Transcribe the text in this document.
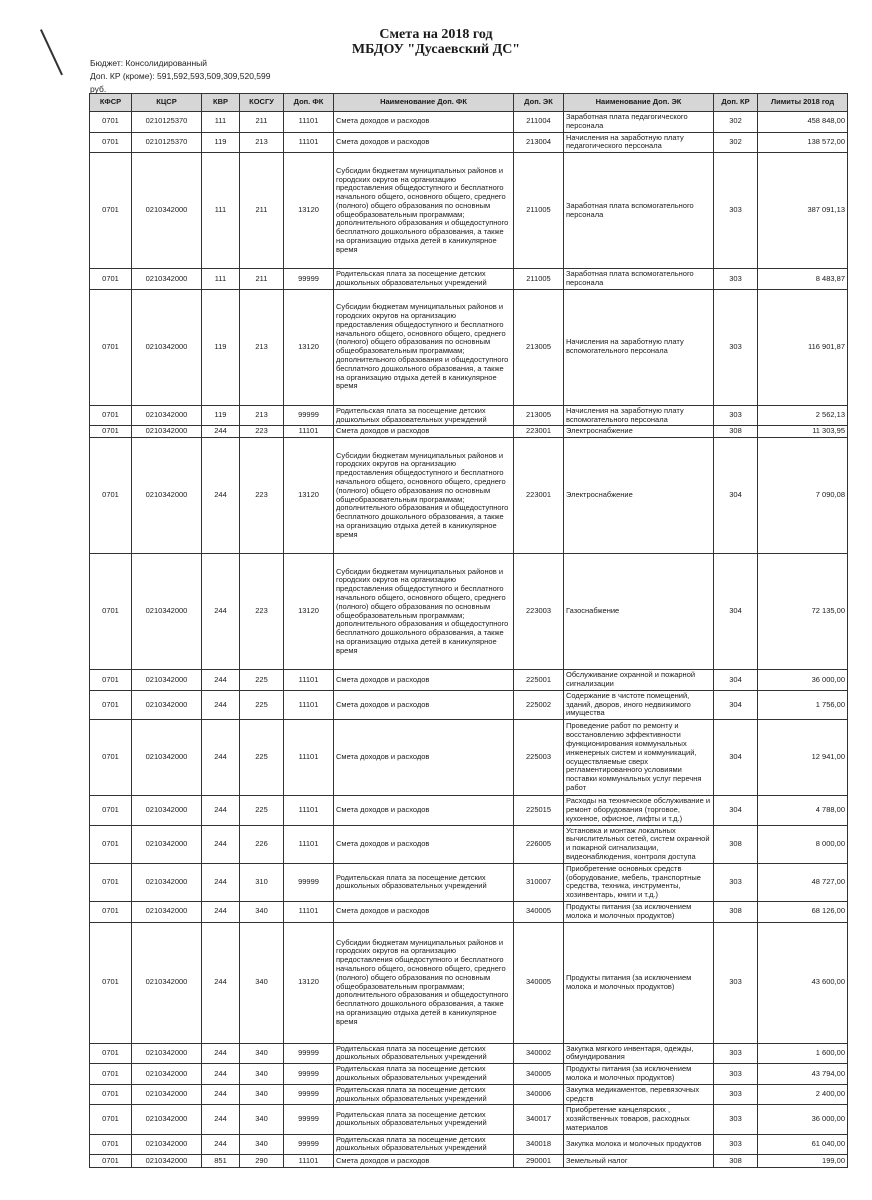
Смета на 2018 год
МБДОУ "Дусаевский ДС"
Бюджет: Консолидированный
Доп. КР (кроме): 591,592,593,509,309,520,599
руб.
КФСР	КЦСР	КВР	КОСГУ	Доп. ФК	Наименование Доп. ФК	Доп. ЭК	Наименование Доп. ЭК	Доп. КР	Лимиты 2018 год
0701	0210125370	111	211	11101	Смета доходов и расходов	211004	Заработная плата педагогического персонала	302	458 848,00
0701	0210125370	119	213	11101	Смета доходов и расходов	213004	Начисления на заработную плату педагогического персонала	302	138 572,00
0701	0210342000	111	211	13120	Субсидии бюджетам муниципальных районов и городских округов на организацию предоставления общедоступного и бесплатного начального общего, основного общего, среднего (полного) общего образования по основным общеобразовательным программам; дополнительного образования и общедоступного бесплатного дошкольного образования, а также на организацию отдыха детей в каникулярное время	211005	Заработная плата вспомогательного персонала	303	387 091,13
0701	0210342000	111	211	99999	Родительская плата за посещение детских дошкольных образовательных учреждений	211005	Заработная плата вспомогательного персонала	303	8 483,87
0701	0210342000	119	213	13120	Субсидии бюджетам муниципальных районов и городских округов на организацию предоставления общедоступного и бесплатного начального общего, основного общего, среднего (полного) общего образования по основным общеобразовательным программам; дополнительного образования и общедоступного бесплатного дошкольного образования, а также на организацию отдыха детей в каникулярное время	213005	Начисления на заработную плату вспомогательного персонала	303	116 901,87
0701	0210342000	119	213	99999	Родительская плата за посещение детских дошкольных образовательных учреждений	213005	Начисления на заработную плату вспомогательного персонала	303	2 562,13
0701	0210342000	244	223	11101	Смета доходов и расходов	223001	Электроснабжение	308	11 303,95
0701	0210342000	244	223	13120	Субсидии бюджетам муниципальных районов и городских округов на организацию предоставления общедоступного и бесплатного начального общего, основного общего, среднего (полного) общего образования по основным общеобразовательным программам; дополнительного образования и общедоступного бесплатного дошкольного образования, а также на организацию отдыха детей в каникулярное время	223001	Электроснабжение	304	7 090,08
0701	0210342000	244	223	13120	Субсидии бюджетам муниципальных районов и городских округов на организацию предоставления общедоступного и бесплатного начального общего, основного общего, среднего (полного) общего образования по основным общеобразовательным программам; дополнительного образования и общедоступного бесплатного дошкольного образования, а также на организацию отдыха детей в каникулярное время	223003	Газоснабжение	304	72 135,00
0701	0210342000	244	225	11101	Смета доходов и расходов	225001	Обслуживание охранной и пожарной сигнализации	304	36 000,00
0701	0210342000	244	225	11101	Смета доходов и расходов	225002	Содержание в чистоте помещений, зданий, дворов, иного недвижимого имущества	304	1 756,00
0701	0210342000	244	225	11101	Смета доходов и расходов	225003	Проведение работ по ремонту и восстановлению эффективности функционирования коммунальных инженерных систем и коммуникаций, осуществляемые сверх регламентированного условиями поставки коммунальных услуг перечня работ	304	12 941,00
0701	0210342000	244	225	11101	Смета доходов и расходов	225015	Расходы на техническое обслуживание и ремонт оборудования (торговое, кухонное, офисное, лифты и т.д.)	304	4 788,00
0701	0210342000	244	226	11101	Смета доходов и расходов	226005	Установка и монтаж локальных вычислительных сетей, систем охранной и пожарной сигнализации, видеонаблюдения, контроля доступа	308	8 000,00
0701	0210342000	244	310	99999	Родительская плата за посещение детских дошкольных образовательных учреждений	310007	Приобретение основных средств (оборудование, мебель, транспортные средства, техника, инструменты, хозинвентарь, книги и т.д.)	303	48 727,00
0701	0210342000	244	340	11101	Смета доходов и расходов	340005	Продукты питания (за исключением молока и молочных продуктов)	308	68 126,00
0701	0210342000	244	340	13120	Субсидии бюджетам муниципальных районов и городских округов на организацию предоставления общедоступного и бесплатного начального общего, основного общего, среднего (полного) общего образования по основным общеобразовательным программам; дополнительного образования и общедоступного бесплатного дошкольного образования, а также на организацию отдыха детей в каникулярное время	340005	Продукты питания (за исключением молока и молочных продуктов)	303	43 600,00
0701	0210342000	244	340	99999	Родительская плата за посещение детских дошкольных образовательных учреждений	340002	Закупка мягкого инвентаря, одежды, обмундирования	303	1 600,00
0701	0210342000	244	340	99999	Родительская плата за посещение детских дошкольных образовательных учреждений	340005	Продукты питания (за исключением молока и молочных продуктов)	303	43 794,00
0701	0210342000	244	340	99999	Родительская плата за посещение детских дошкольных образовательных учреждений	340006	Закупка медикаментов, перевязочных средств	303	2 400,00
0701	0210342000	244	340	99999	Родительская плата за посещение детских дошкольных образовательных учреждений	340017	Приобретение канцелярских , хозяйственных товаров, расходных материалов	303	36 000,00
0701	0210342000	244	340	99999	Родительская плата за посещение детских дошкольных образовательных учреждений	340018	Закупка молока и молочных продуктов	303	61 040,00
0701	0210342000	851	290	11101	Смета доходов и расходов	290001	Земельный налог	308	199,00
